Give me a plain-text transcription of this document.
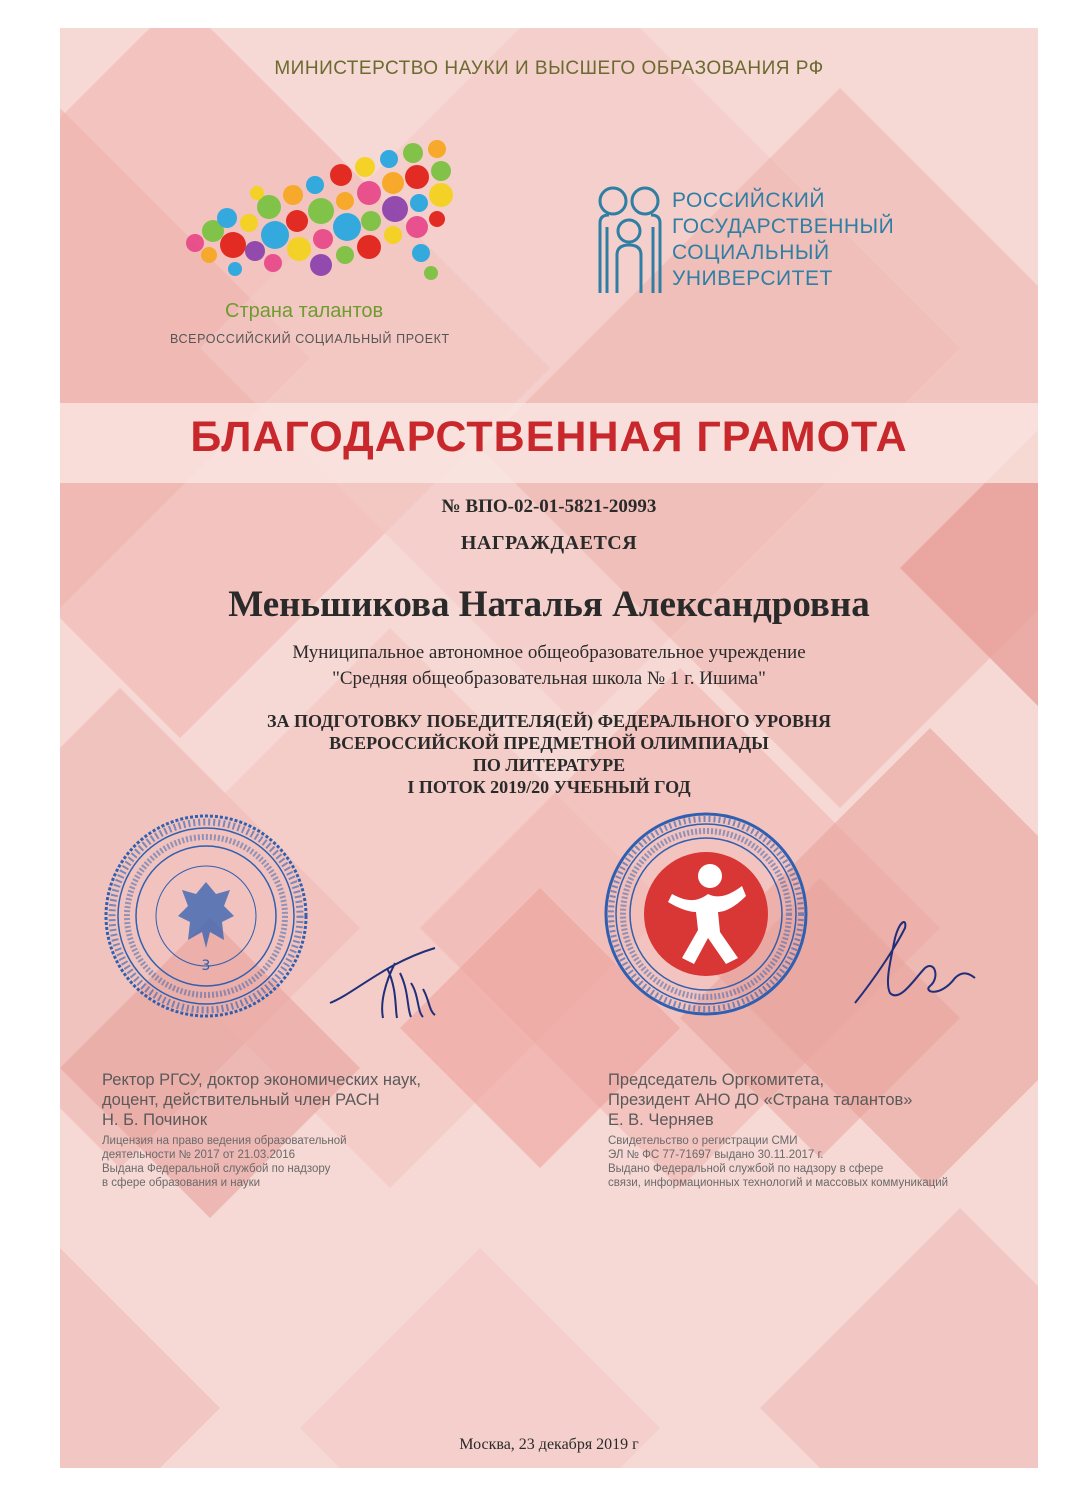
МИНИСТЕРСТВО НАУКИ И ВЫСШЕГО ОБРАЗОВАНИЯ РФ
Страна талантов
ВСЕРОССИЙСКИЙ СОЦИАЛЬНЫЙ ПРОЕКТ
РОССИЙСКИЙ
ГОСУДАРСТВЕННЫЙ
СОЦИАЛЬНЫЙ
УНИВЕРСИТЕТ
БЛАГОДАРСТВЕННАЯ ГРАМОТА
№ ВПО-02-01-5821-20993
НАГРАЖДАЕТСЯ
Меньшикова Наталья Александровна
Муниципальное автономное общеобразовательное учреждение
"Средняя общеобразовательная школа № 1 г. Ишима"
ЗА ПОДГОТОВКУ ПОБЕДИТЕЛЯ(ЕЙ) ФЕДЕРАЛЬНОГО УРОВНЯ
ВСЕРОССИЙСКОЙ ПРЕДМЕТНОЙ ОЛИМПИАДЫ
ПО ЛИТЕРАТУРЕ
I ПОТОК 2019/20 УЧЕБНЫЙ ГОД
3
Ректор РГСУ, доктор экономических наук,
доцент, действительный член РАСН
Н. Б. Починок
Председатель Оргкомитета,
Президент АНО ДО «Страна талантов»
Е. В. Черняев
Лицензия на право ведения образовательной
деятельности № 2017 от 21.03.2016
Выдана Федеральной службой по надзору
в сфере образования и науки
Свидетельство о регистрации СМИ
ЭЛ № ФС 77-71697 выдано 30.11.2017 г.
Выдано Федеральной службой по надзору в сфере
связи, информационных технологий и массовых коммуникаций
Москва, 23 декабря 2019 г
